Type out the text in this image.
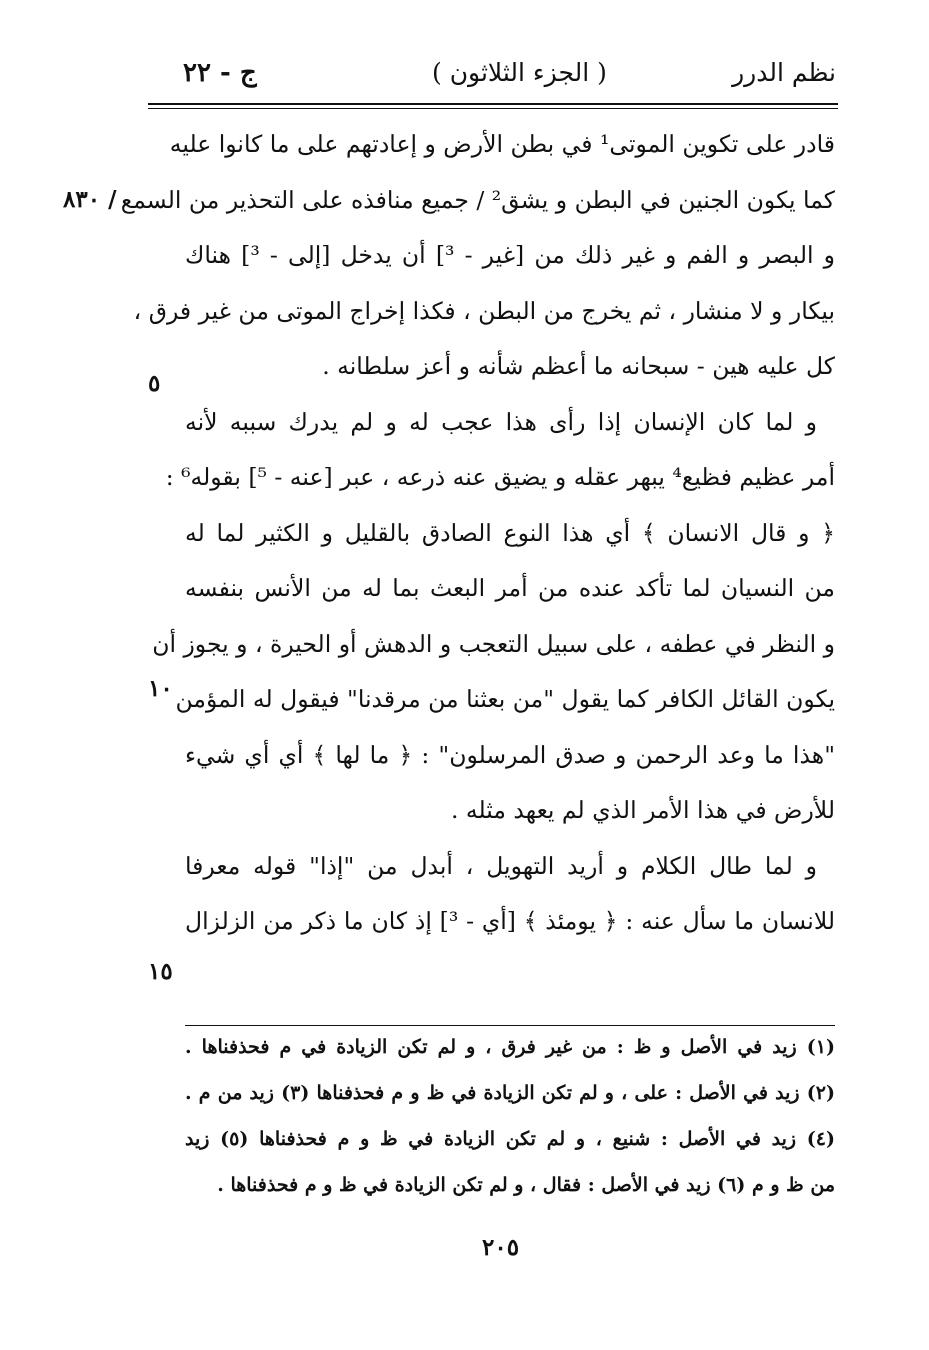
نظم الدرر
( الجزء الثلاثون )
ج - ٢٢
/ ٨٣٠
قادر على تكوين الموتى¹ في بطن الأرض و إعادتهم على ما كانوا عليه
كما يكون الجنين في البطن و يشق² / جميع منافذه على التحذير من السمع
و البصر و الفم و غير ذلك من [غير - ³] أن يدخل [إلى - ³] هناك
بيكار و لا منشار ، ثم يخرج من البطن ، فكذا إخراج الموتى من غير فرق ،
كل عليه هين - سبحانه ما أعظم شأنه و أعز سلطانه .
و لما كان الإنسان إذا رأى هذا عجب له و لم يدرك سببه لأنه
أمر عظيم فظيع⁴ يبهر عقله و يضيق عنه ذرعه ، عبر [عنه - ⁵] بقوله⁶ :
﴿ و قال الانسان ﴾ أي هذا النوع الصادق بالقليل و الكثير لما له
من النسيان لما تأكد عنده من أمر البعث بما له من الأنس بنفسه
و النظر في عطفه ، على سبيل التعجب و الدهش أو الحيرة ، و يجوز أن
يكون القائل الكافر كما يقول "من بعثنا من مرقدنا" فيقول له المؤمن
"هذا ما وعد الرحمن و صدق المرسلون" : ﴿ ما لها ﴾ أي أي شيء
للأرض في هذا الأمر الذي لم يعهد مثله .
و لما طال الكلام و أريد التهويل ، أبدل من "إذا" قوله معرفا
للانسان ما سأل عنه : ﴿ يومئذ ﴾ [أي - ³] إذ كان ما ذكر من الزلزال
٥
١٠
١٥
(١) زيد في الأصل و ظ : من غير فرق ، و لم تكن الزيادة في م فحذفناها .
(٢) زيد في الأصل : على ، و لم تكن الزيادة في ظ و م فحذفناها (٣) زيد من م .
(٤) زيد في الأصل : شنيع ، و لم تكن الزيادة في ظ و م فحذفناها (٥) زيد
من ظ و م (٦) زيد في الأصل : فقال ، و لم تكن الزيادة في ظ و م فحذفناها .
٢٠٥
